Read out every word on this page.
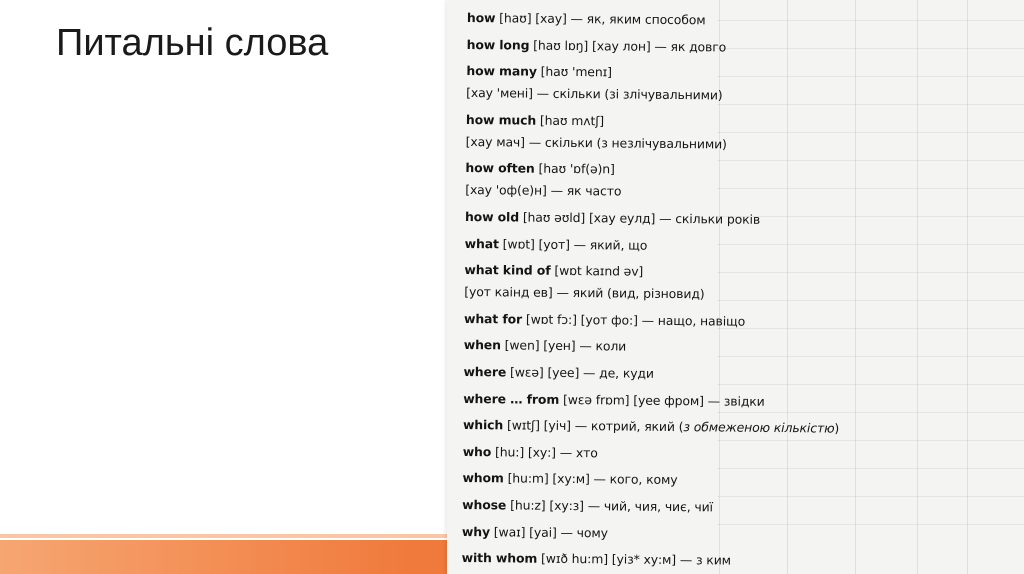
Питальні слова
how [haʊ] [хау] — як, яким способом
how long [haʊ lɒŋ] [хау лон] — як довго
how many [haʊ 'menɪ]
[хау 'мені] — скільки (зі злічувальними)
how much [haʊ mʌtʃ]
[хау мач] — скільки (з незлічувальними)
how often [haʊ 'ɒf(ə)n]
[хау 'оф(е)н] — як часто
how old [haʊ əʊld] [хау еулд] — скільки років
what [wɒt] [уот] — який, що
what kind of [wɒt kaɪnd əv]
[уот каінд ев] — який (вид, різновид)
what for [wɒt fɔ:] [уот фо:] — нащо, навіщо
when [wen] [уен] — коли
where [wɛə] [уее] — де, куди
where … from [wɛə frɒm] [уее фром] — звідки
which [wɪtʃ] [уіч] — котрий, який (з обмеженою кількістю)
who [hu:] [ху:] — хто
whom [hu:m] [ху:м] — кого, кому
whose [hu:z] [ху:з] — чий, чия, чиє, чиї
why [waɪ] [уаі] — чому
with whom [wɪð hu:m] [уіз* ху:м] — з ким
